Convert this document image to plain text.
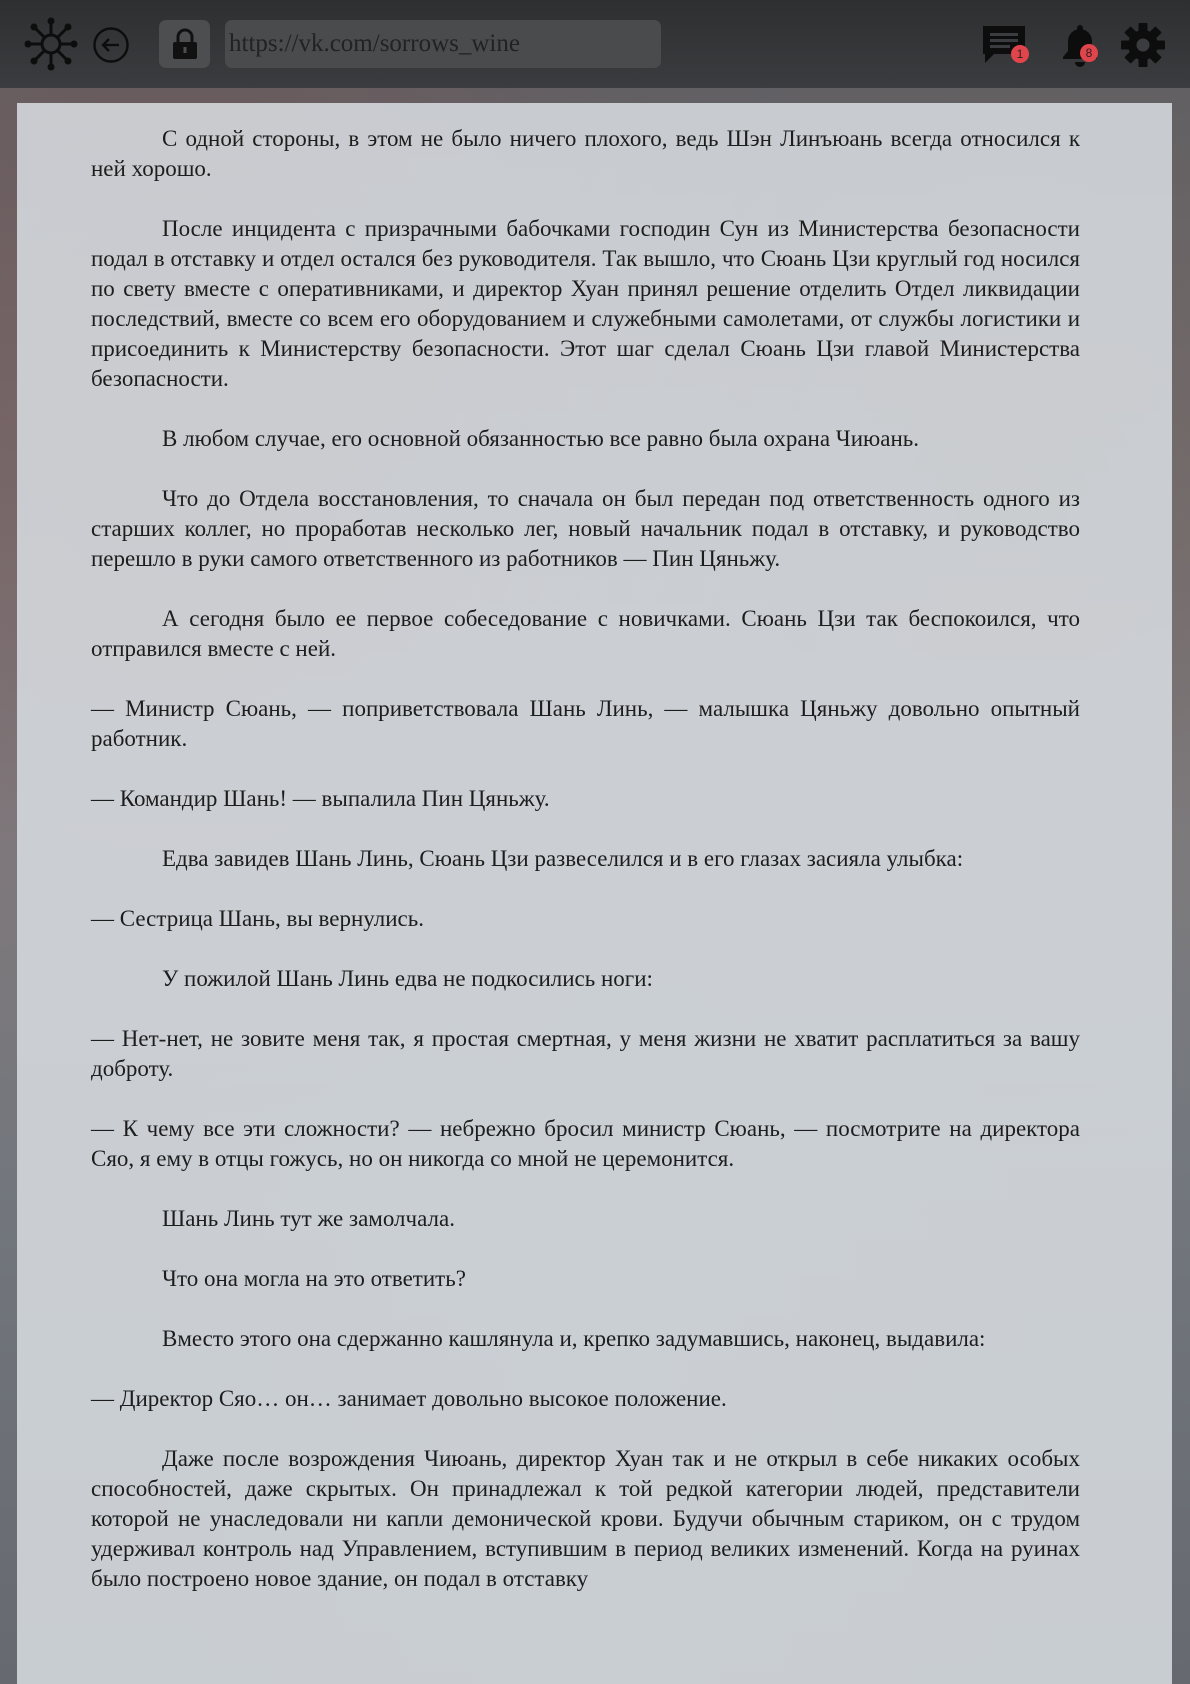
https://vk.com/sorrows_wine
1	8

С одной стороны, в этом не было ничего плохого, ведь Шэн Линъюань всегда относился к ней хорошо.

После инцидента с призрачными бабочками господин Сун из Министерства безопасности подал в отставку и отдел остался без руководителя. Так вышло, что Сюань Цзи круглый год носился по свету вместе с оперативниками, и директор Хуан принял решение отделить Отдел ликвидации последствий, вместе со всем его оборудованием и служебными самолетами, от службы логистики и присоединить к Министерству безопасности. Этот шаг сделал Сюань Цзи главой Министерства безопасности.

В любом случае, его основной обязанностью все равно была охрана Чиюань.

Что до Отдела восстановления, то сначала он был передан под ответственность одного из старших коллег, но проработав несколько лег, новый начальник подал в отставку, и руководство перешло в руки самого ответственного из работников — Пин Цяньжу.

А сегодня было ее первое собеседование с новичками. Сюань Цзи так беспокоился, что отправился вместе с ней.

— Министр Сюань, — поприветствовала Шань Линь, — малышка Цяньжу довольно опытный работник.

— Командир Шань! — выпалила Пин Цяньжу.

Едва завидев Шань Линь, Сюань Цзи развеселился и в его глазах засияла улыбка:

— Сестрица Шань, вы вернулись.

У пожилой Шань Линь едва не подкосились ноги:

— Нет-нет, не зовите меня так, я простая смертная, у меня жизни не хватит расплатиться за вашу доброту.

— К чему все эти сложности? — небрежно бросил министр Сюань, — посмотрите на директора Сяо, я ему в отцы гожусь, но он никогда со мной не церемонится.

Шань Линь тут же замолчала.

Что она могла на это ответить?

Вместо этого она сдержанно кашлянула и, крепко задумавшись, наконец, выдавила:

— Директор Сяо… он… занимает довольно высокое положение.

Даже после возрождения Чиюань, директор Хуан так и не открыл в себе никаких особых способностей, даже скрытых. Он принадлежал к той редкой категории людей, представители которой не унаследовали ни капли демонической крови. Будучи обычным стариком, он с трудом удерживал контроль над Управлением, вступившим в период великих изменений. Когда на руинах было построено новое здание, он подал в отставку
